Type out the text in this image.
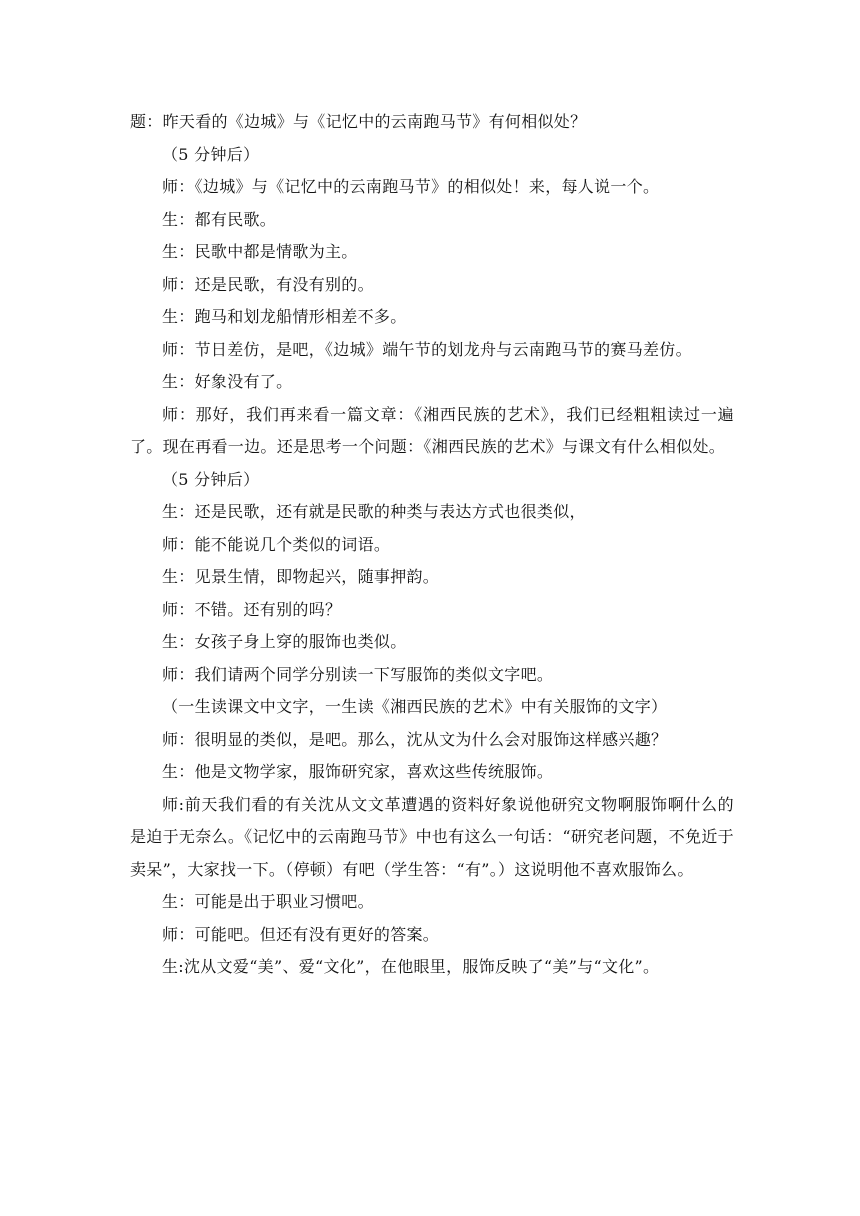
题：昨天看的《边城》与《记忆中的云南跑马节》有何相似处？

（5 分钟后）

师：《边城》与《记忆中的云南跑马节》的相似处！来，每人说一个。

生：都有民歌。

生：民歌中都是情歌为主。

师：还是民歌，有没有别的。

生：跑马和划龙船情形相差不多。

师：节日差仿，是吧，《边城》端午节的划龙舟与云南跑马节的赛马差仿。

生：好象没有了。

师：那好，我们再来看一篇文章：《湘西民族的艺术》，我们已经粗粗读过一遍了。现在再看一边。还是思考一个问题：《湘西民族的艺术》与课文有什么相似处。

（5 分钟后）

生：还是民歌，还有就是民歌的种类与表达方式也很类似，

师：能不能说几个类似的词语。

生：见景生情，即物起兴，随事押韵。

师：不错。还有别的吗？

生：女孩子身上穿的服饰也类似。

师：我们请两个同学分别读一下写服饰的类似文字吧。

（一生读课文中文字，一生读《湘西民族的艺术》中有关服饰的文字）

师：很明显的类似，是吧。那么，沈从文为什么会对服饰这样感兴趣？

生：他是文物学家，服饰研究家，喜欢这些传统服饰。

师:前天我们看的有关沈从文文革遭遇的资料好象说他研究文物啊服饰啊什么的是迫于无奈么。《记忆中的云南跑马节》中也有这么一句话：“研究老问题，不免近于卖呆”，大家找一下。（停顿）有吧（学生答：“有”。）这说明他不喜欢服饰么。

生：可能是出于职业习惯吧。

师：可能吧。但还有没有更好的答案。

生:沈从文爱“美”、爱“文化”，在他眼里，服饰反映了“美”与“文化”。
